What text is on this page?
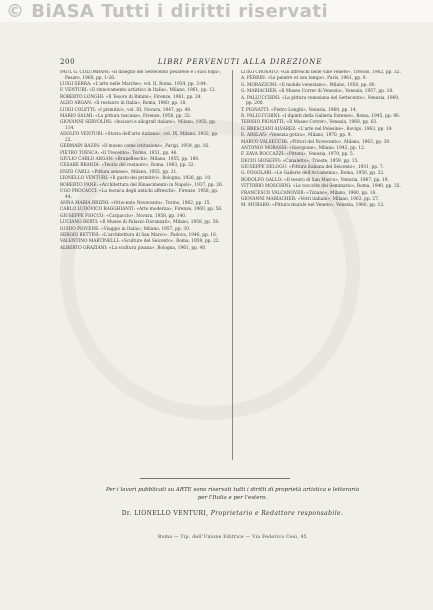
© BiASA Tutti i diritti riservati
200	LIBRI PERVENUTI ALLA DIREZIONE
PAUL G. COLUMBANI: «Il disegno del Settecento pesarese e i suoi fogli», Pesaro, 1960, pp. 1-26.
LUIGI SERRA: «L'arte nelle Marche», vol. II, Roma, 1934, pp. 3-84.
F. VENTURI: «Il rinnovamento artistico in Italia», Milano, 1961, pp. 12.
ROBERTO LONGHI: «Il Tesoro di Rimini», Firenze, 1961, pp. 24.
ALDO ARGAN: «Il restauro in Italia», Roma, 1960, pp. 18.
LUIGI COLETTI: «I primitivi», vol. III, Novara, 1947, pp. 40.
MARIO SALMI: «La pittura toscana», Firenze, 1958, pp. 32.
GIOVANNI SERVOLINI: «Incisori e xilografi italiani», Milano, 1955, pp. 114.
ADOLFO VENTURI: «Storia dell'arte italiana», vol. IX, Milano, 1932, pp. 22.
GERMAIN BAZIN: «Il museo come istituzione», Parigi, 1959, pp. 16.
PIETRO TOESCA: «Il Trecento», Torino, 1951, pp. 46.
GIULIO CARLO ARGAN: «Brunelleschi», Milano, 1955, pp. 180.
CESARE BRANDI: «Teoria del restauro», Roma, 1963, pp. 32.
ENZO CARLI: «Pittura senese», Milano, 1955, pp. 21.
LIONELLO VENTURI: «Il gusto dei primitivi», Bologna, 1926, pp. 10.
ROBERTO PANE: «Architettura del Rinascimento in Napoli», 1937, pp. 26.
UGO PROCACCI: «La tecnica degli antichi affreschi», Firenze, 1958, pp. 44.
ANNA MARIA BRIZIO: «Ottocento Novecento», Torino, 1962, pp. 15.
CARLO LUDOVICO RAGGHIANTI: «Arte moderna», Firenze, 1960, pp. 56.
GIUSEPPE FIOCCO: «Carpaccio», Novara, 1958, pp. 140.
LUCIANO BERTI: «Il Museo di Palazzo Davanzati», Milano, 1958, pp. 58.
GUIDO PIOVENE: «Viaggio in Italia», Milano, 1957, pp. 30.
SERGIO BETTINI: «L'architettura di San Marco», Padova, 1946, pp. 16.
VALENTINO MARTINELLI: «Sculture del Seicento», Roma, 1959, pp. 22.
ALBERTO GRAZIANI: «La scultura pisana», Bologna, 1961, pp. 40.
LUIGI CROSATO: «Gli affreschi nelle ville venete», Treviso, 1962, pp. 32.
A. PERRIN: «Le peintre et son temps», Paris, 1961, pp. 9.
G. MORAZZONI: «Il mobile veneziano», Milano, 1958, pp. 80.
G. MARIACHER: «Il Museo Correr di Venezia», Venezia, 1957, pp. 18.
A. PALLUCCHINI: «La pittura veneziana del Settecento», Venezia, 1960, pp. 200.
T. PIGNATTI: «Pietro Longhi», Venezia, 1968, pp. 14.
R. PALLUCCHINI: «I dipinti della Galleria Estense», Roma, 1945, pp. 96.
TERISIO PIGNATTI: «Il Museo Correr», Venezia, 1960, pp. 63.
G. BRESCIANI ALVAREZ: «L'arte nel Polesine», Rovigo, 1963, pp. 14.
E. ARSLAN: «Venezia gotica», Milano, 1970, pp. 9.
MARCO VALSECCHI: «Pittori del Novecento», Milano, 1963, pp. 30.
ANTONIO MORASSI: «Giorgione», Milano, 1942, pp. 12.
F. ZAVA BOCCAZZI: «Pittoni», Venezia, 1979, pp. 5.
DECIO GIOSEFFI: «Canaletto», Trieste, 1959, pp. 15.
GIUSEPPE DELOGU: «Pittura italiana del Seicento», 1931, pp. 7.
G. FOGOLARI: «Le Gallerie dell'Accademia», Roma, 1950, pp. 22.
RODOLFO GALLO: «Il tesoro di San Marco», Venezia, 1967, pp. 19.
VITTORIO MOSCHINI: «Le raccolte del Seminario», Roma, 1940, pp. 35.
FRANCESCO VALCANOVER: «Tiziano», Milano, 1960, pp. 18.
GIOVANNI MARIACHER: «Vetri italiani», Milano, 1963, pp. 27.
M. MURARO: «Pittura murale nel Veneto», Venezia, 1960, pp. 12.
Per i lavori pubblicati su ARTE sono riservati tutti i diritti di proprietà artistica e letteraria
per l'Italia e per l'estero.
Dr. LIONELLO VENTURI, Proprietario e Redattore responsabile.
Roma — Tip. dell'Unione Editrice — Via Federico Cesi, 45
